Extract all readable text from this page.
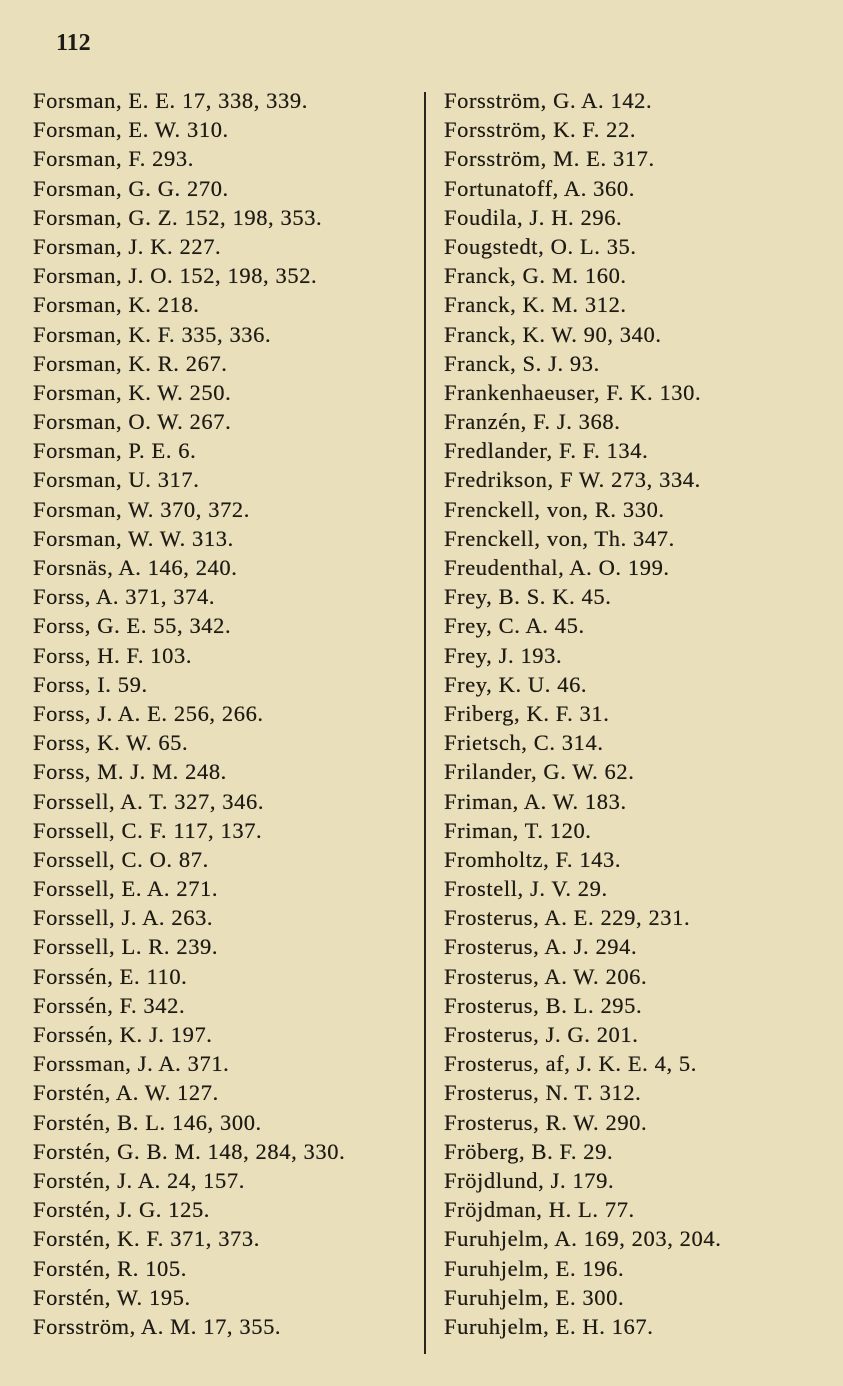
112
Forsman, E. E. 17, 338, 339.
Forsman, E. W. 310.
Forsman, F. 293.
Forsman, G. G. 270.
Forsman, G. Z. 152, 198, 353.
Forsman, J. K. 227.
Forsman, J. O. 152, 198, 352.
Forsman, K. 218.
Forsman, K. F. 335, 336.
Forsman, K. R. 267.
Forsman, K. W. 250.
Forsman, O. W. 267.
Forsman, P. E. 6.
Forsman, U. 317.
Forsman, W. 370, 372.
Forsman, W. W. 313.
Forsnäs, A. 146, 240.
Forss, A. 371, 374.
Forss, G. E. 55, 342.
Forss, H. F. 103.
Forss, I. 59.
Forss, J. A. E. 256, 266.
Forss, K. W. 65.
Forss, M. J. M. 248.
Forssell, A. T. 327, 346.
Forssell, C. F. 117, 137.
Forssell, C. O. 87.
Forssell, E. A. 271.
Forssell, J. A. 263.
Forssell, L. R. 239.
Forssén, E. 110.
Forssén, F. 342.
Forssén, K. J. 197.
Forssman, J. A. 371.
Forstén, A. W. 127.
Forstén, B. L. 146, 300.
Forstén, G. B. M. 148, 284, 330.
Forstén, J. A. 24, 157.
Forstén, J. G. 125.
Forstén, K. F. 371, 373.
Forstén, R. 105.
Forstén, W. 195.
Forsström, A. M. 17, 355.
Forsström, G. A. 142.
Forsström, K. F. 22.
Forsström, M. E. 317.
Fortunatoff, A. 360.
Foudila, J. H. 296.
Fougstedt, O. L. 35.
Franck, G. M. 160.
Franck, K. M. 312.
Franck, K. W. 90, 340.
Franck, S. J. 93.
Frankenhaeuser, F. K. 130.
Franzén, F. J. 368.
Fredlander, F. F. 134.
Fredrikson, F W. 273, 334.
Frenckell, von, R. 330.
Frenckell, von, Th. 347.
Freudenthal, A. O. 199.
Frey, B. S. K. 45.
Frey, C. A. 45.
Frey, J. 193.
Frey, K. U. 46.
Friberg, K. F. 31.
Frietsch, C. 314.
Frilander, G. W. 62.
Friman, A. W. 183.
Friman, T. 120.
Fromholtz, F. 143.
Frostell, J. V. 29.
Frosterus, A. E. 229, 231.
Frosterus, A. J. 294.
Frosterus, A. W. 206.
Frosterus, B. L. 295.
Frosterus, J. G. 201.
Frosterus, af, J. K. E. 4, 5.
Frosterus, N. T. 312.
Frosterus, R. W. 290.
Fröberg, B. F. 29.
Fröjdlund, J. 179.
Fröjdman, H. L. 77.
Furuhjelm, A. 169, 203, 204.
Furuhjelm, E. 196.
Furuhjelm, E. 300.
Furuhjelm, E. H. 167.
